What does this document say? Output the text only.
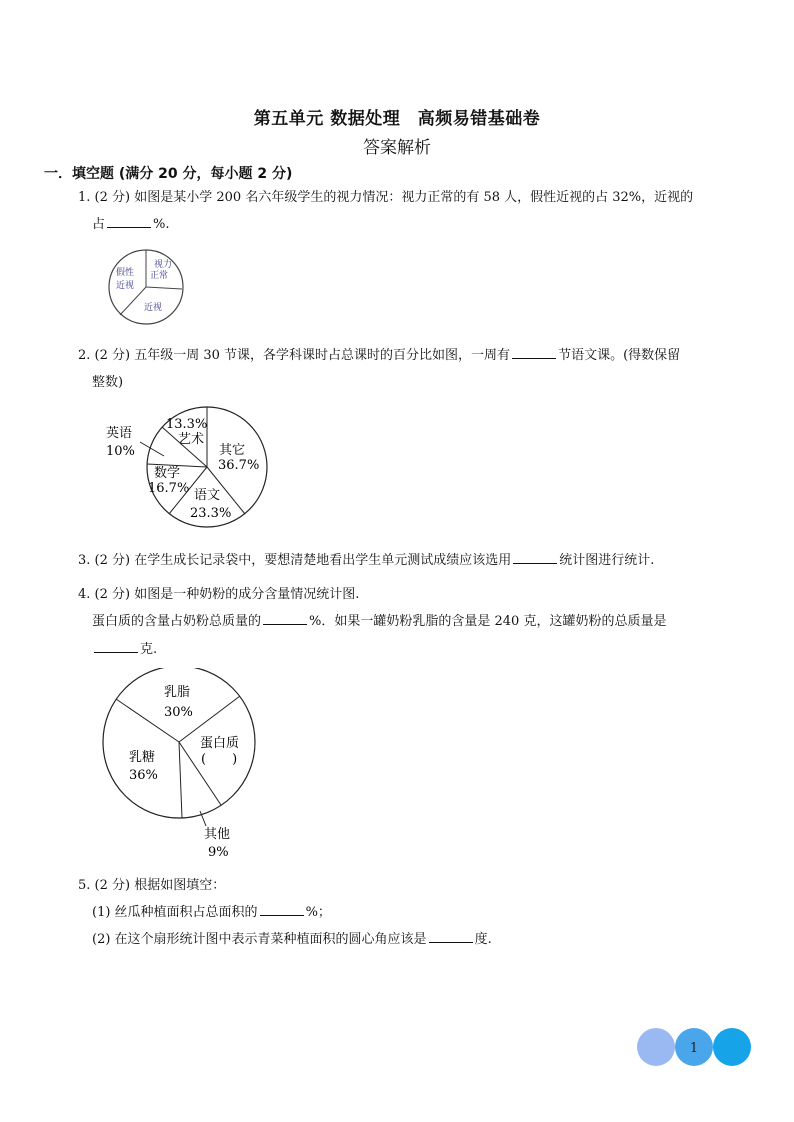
第五单元 数据处理　高频易错基础卷
答案解析
一．填空题 (满分 20 分，每小题 2 分)
1. (2 分) 如图是某小学 200 名六年级学生的视力情况：视力正常的有 58 人，假性近视的占 32%，近视的
占	%.
假性
近视
视力
正常
近视
2. (2 分) 五年级一周 30 节课，各学科课时占总课时的百分比如图，一周有	节语文课。(得数保留
整数)
英语
10%
13.3%
艺术
其它
36.7%
数学
16.7% 语文
23.3%
3. (2 分) 在学生成长记录袋中，要想清楚地看出学生单元测试成绩应该选用	统计图进行统计.
4. (2 分) 如图是一种奶粉的成分含量情况统计图.
蛋白质的含量占奶粉总质量的	%．如果一罐奶粉乳脂的含量是 240 克，这罐奶粉的总质量是
克.
乳脂
30%
蛋白质
(　　)
乳糖
36%
其他
9%
5. (2 分) 根据如图填空：
(1) 丝瓜种植面积占总面积的	%；
(2) 在这个扇形统计图中表示青菜种植面积的圆心角应该是	度.
1
